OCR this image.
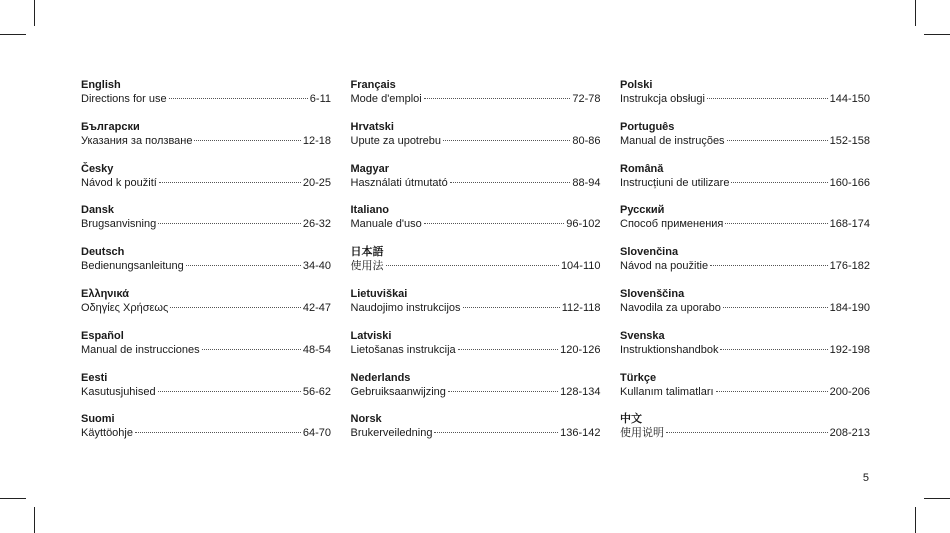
English
Directions for use	6-11
Български
Указания за ползване	12-18
Česky
Návod k použití	20-25
Dansk
Brugsanvisning	26-32
Deutsch
Bedienungsanleitung	34-40
Ελληνικά
Οδηγίες Χρήσεως	42-47
Español
Manual de instrucciones	48-54
Eesti
Kasutusjuhised	56-62
Suomi
Käyttöohje	64-70
Français
Mode d'emploi	72-78
Hrvatski
Upute za upotrebu	80-86
Magyar
Használati útmutató	88-94
Italiano
Manuale d'uso	96-102
日本語
使用法	104-110
Lietuviškai
Naudojimo instrukcijos	112-118
Latviski
Lietošanas instrukcija	120-126
Nederlands
Gebruiksaanwijzing	128-134
Norsk
Brukerveiledning	136-142
Polski
Instrukcja obsługi	144-150
Português
Manual de instruções	152-158
Română
Instrucțiuni de utilizare	160-166
Русский
Способ применения	168-174
Slovenčina
Návod na použitie	176-182
Slovenščina
Navodila za uporabo	184-190
Svenska
Instruktionshandbok	192-198
Türkçe
Kullanım talimatları	200-206
中文
使用说明	208-213
5
